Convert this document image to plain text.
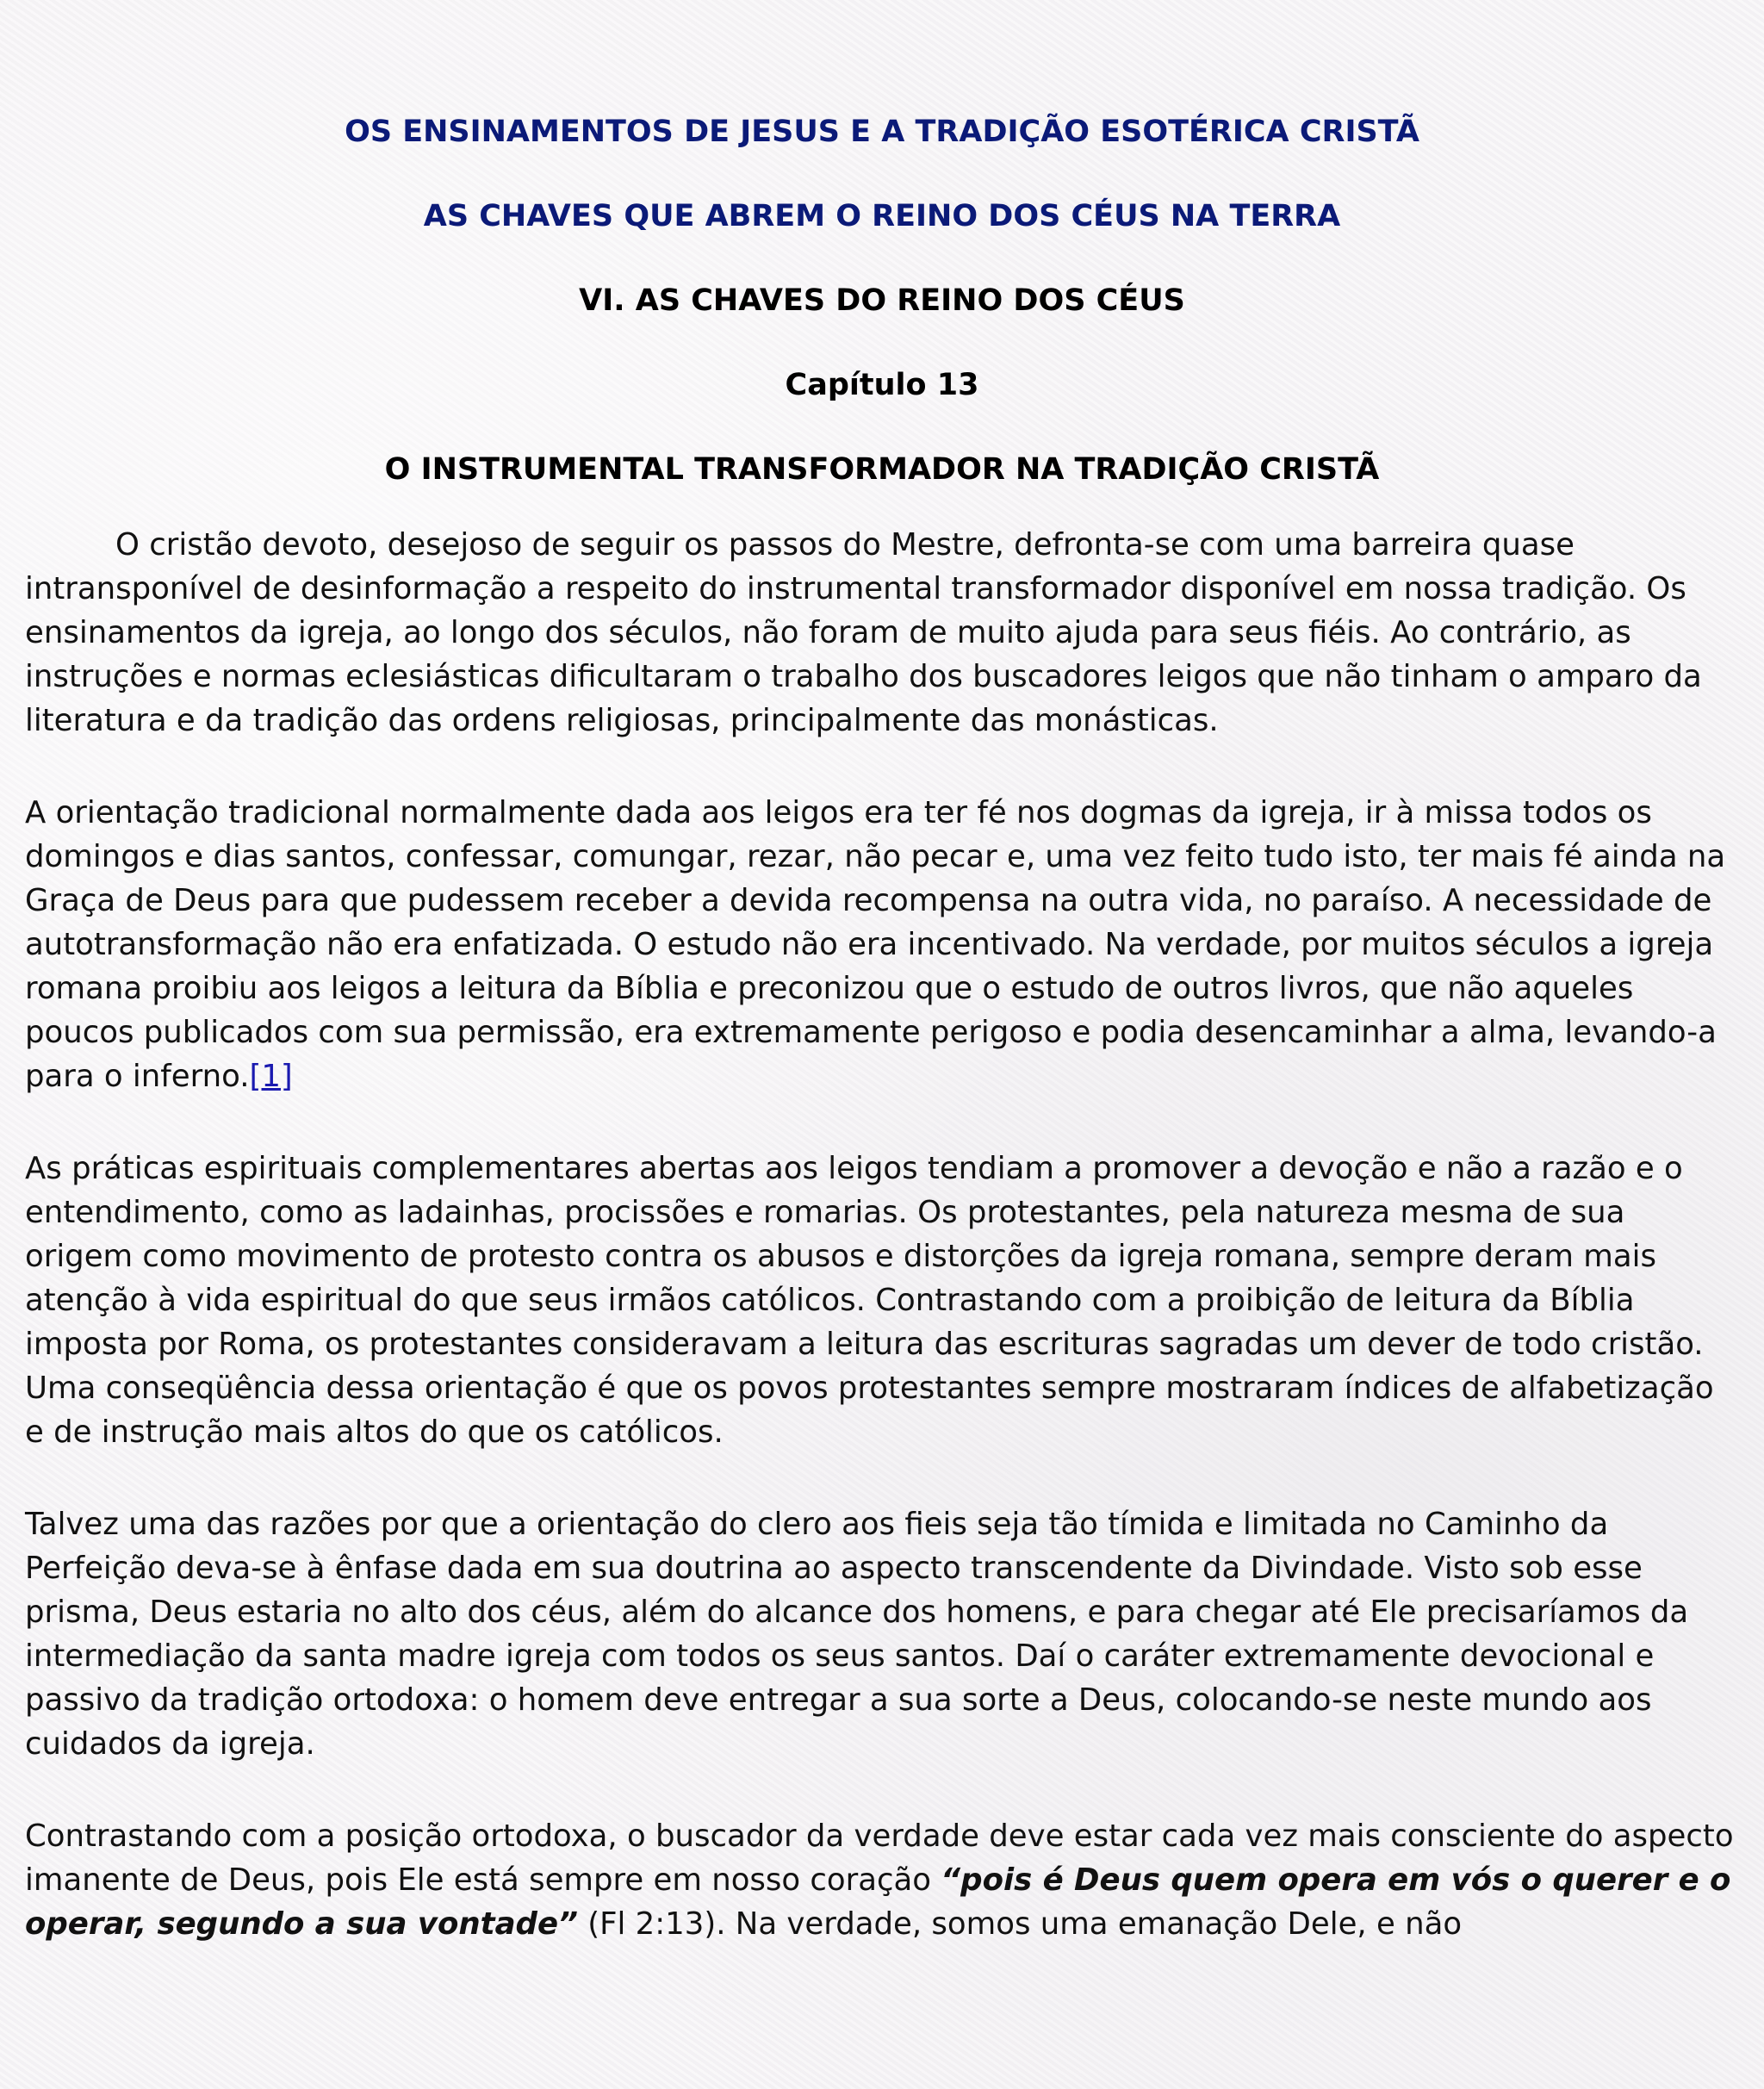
OS ENSINAMENTOS DE JESUS E A TRADIÇÃO ESOTÉRICA CRISTÃ
AS CHAVES QUE ABREM O REINO DOS CÉUS NA TERRA
VI. AS CHAVES DO REINO DOS CÉUS
Capítulo 13
O INSTRUMENTAL TRANSFORMADOR NA TRADIÇÃO CRISTÃ

O cristão devoto, desejoso de seguir os passos do Mestre, defronta-se com uma barreira quase intransponível de desinformação a respeito do instrumental transformador disponível em nossa tradição. Os ensinamentos da igreja, ao longo dos séculos, não foram de muito ajuda para seus fiéis. Ao contrário, as instruções e normas eclesiásticas dificultaram o trabalho dos buscadores leigos que não tinham o amparo da literatura e da tradição das ordens religiosas, principalmente das monásticas.

A orientação tradicional normalmente dada aos leigos era ter fé nos dogmas da igreja, ir à missa todos os domingos e dias santos, confessar, comungar, rezar, não pecar e, uma vez feito tudo isto, ter mais fé ainda na Graça de Deus para que pudessem receber a devida recompensa na outra vida, no paraíso. A necessidade de autotransformação não era enfatizada. O estudo não era incentivado. Na verdade, por muitos séculos a igreja romana proibiu aos leigos a leitura da Bíblia e preconizou que o estudo de outros livros, que não aqueles poucos publicados com sua permissão, era extremamente perigoso e podia desencaminhar a alma, levando-a para o inferno.[1]

As práticas espirituais complementares abertas aos leigos tendiam a promover a devoção e não a razão e o entendimento, como as ladainhas, procissões e romarias. Os protestantes, pela natureza mesma de sua origem como movimento de protesto contra os abusos e distorções da igreja romana, sempre deram mais atenção à vida espiritual do que seus irmãos católicos. Contrastando com a proibição de leitura da Bíblia imposta por Roma, os protestantes consideravam a leitura das escrituras sagradas um dever de todo cristão. Uma conseqüência dessa orientação é que os povos protestantes sempre mostraram índices de alfabetização e de instrução mais altos do que os católicos.

Talvez uma das razões por que a orientação do clero aos fieis seja tão tímida e limitada no Caminho da Perfeição deva-se à ênfase dada em sua doutrina ao aspecto transcendente da Divindade. Visto sob esse prisma, Deus estaria no alto dos céus, além do alcance dos homens, e para chegar até Ele precisaríamos da intermediação da santa madre igreja com todos os seus santos. Daí o caráter extremamente devocional e passivo da tradição ortodoxa: o homem deve entregar a sua sorte a Deus, colocando-se neste mundo aos cuidados da igreja.

Contrastando com a posição ortodoxa, o buscador da verdade deve estar cada vez mais consciente do aspecto imanente de Deus, pois Ele está sempre em nosso coração “pois é Deus quem opera em vós o querer e o operar, segundo a sua vontade” (Fl 2:13). Na verdade, somos uma emanação Dele, e não
